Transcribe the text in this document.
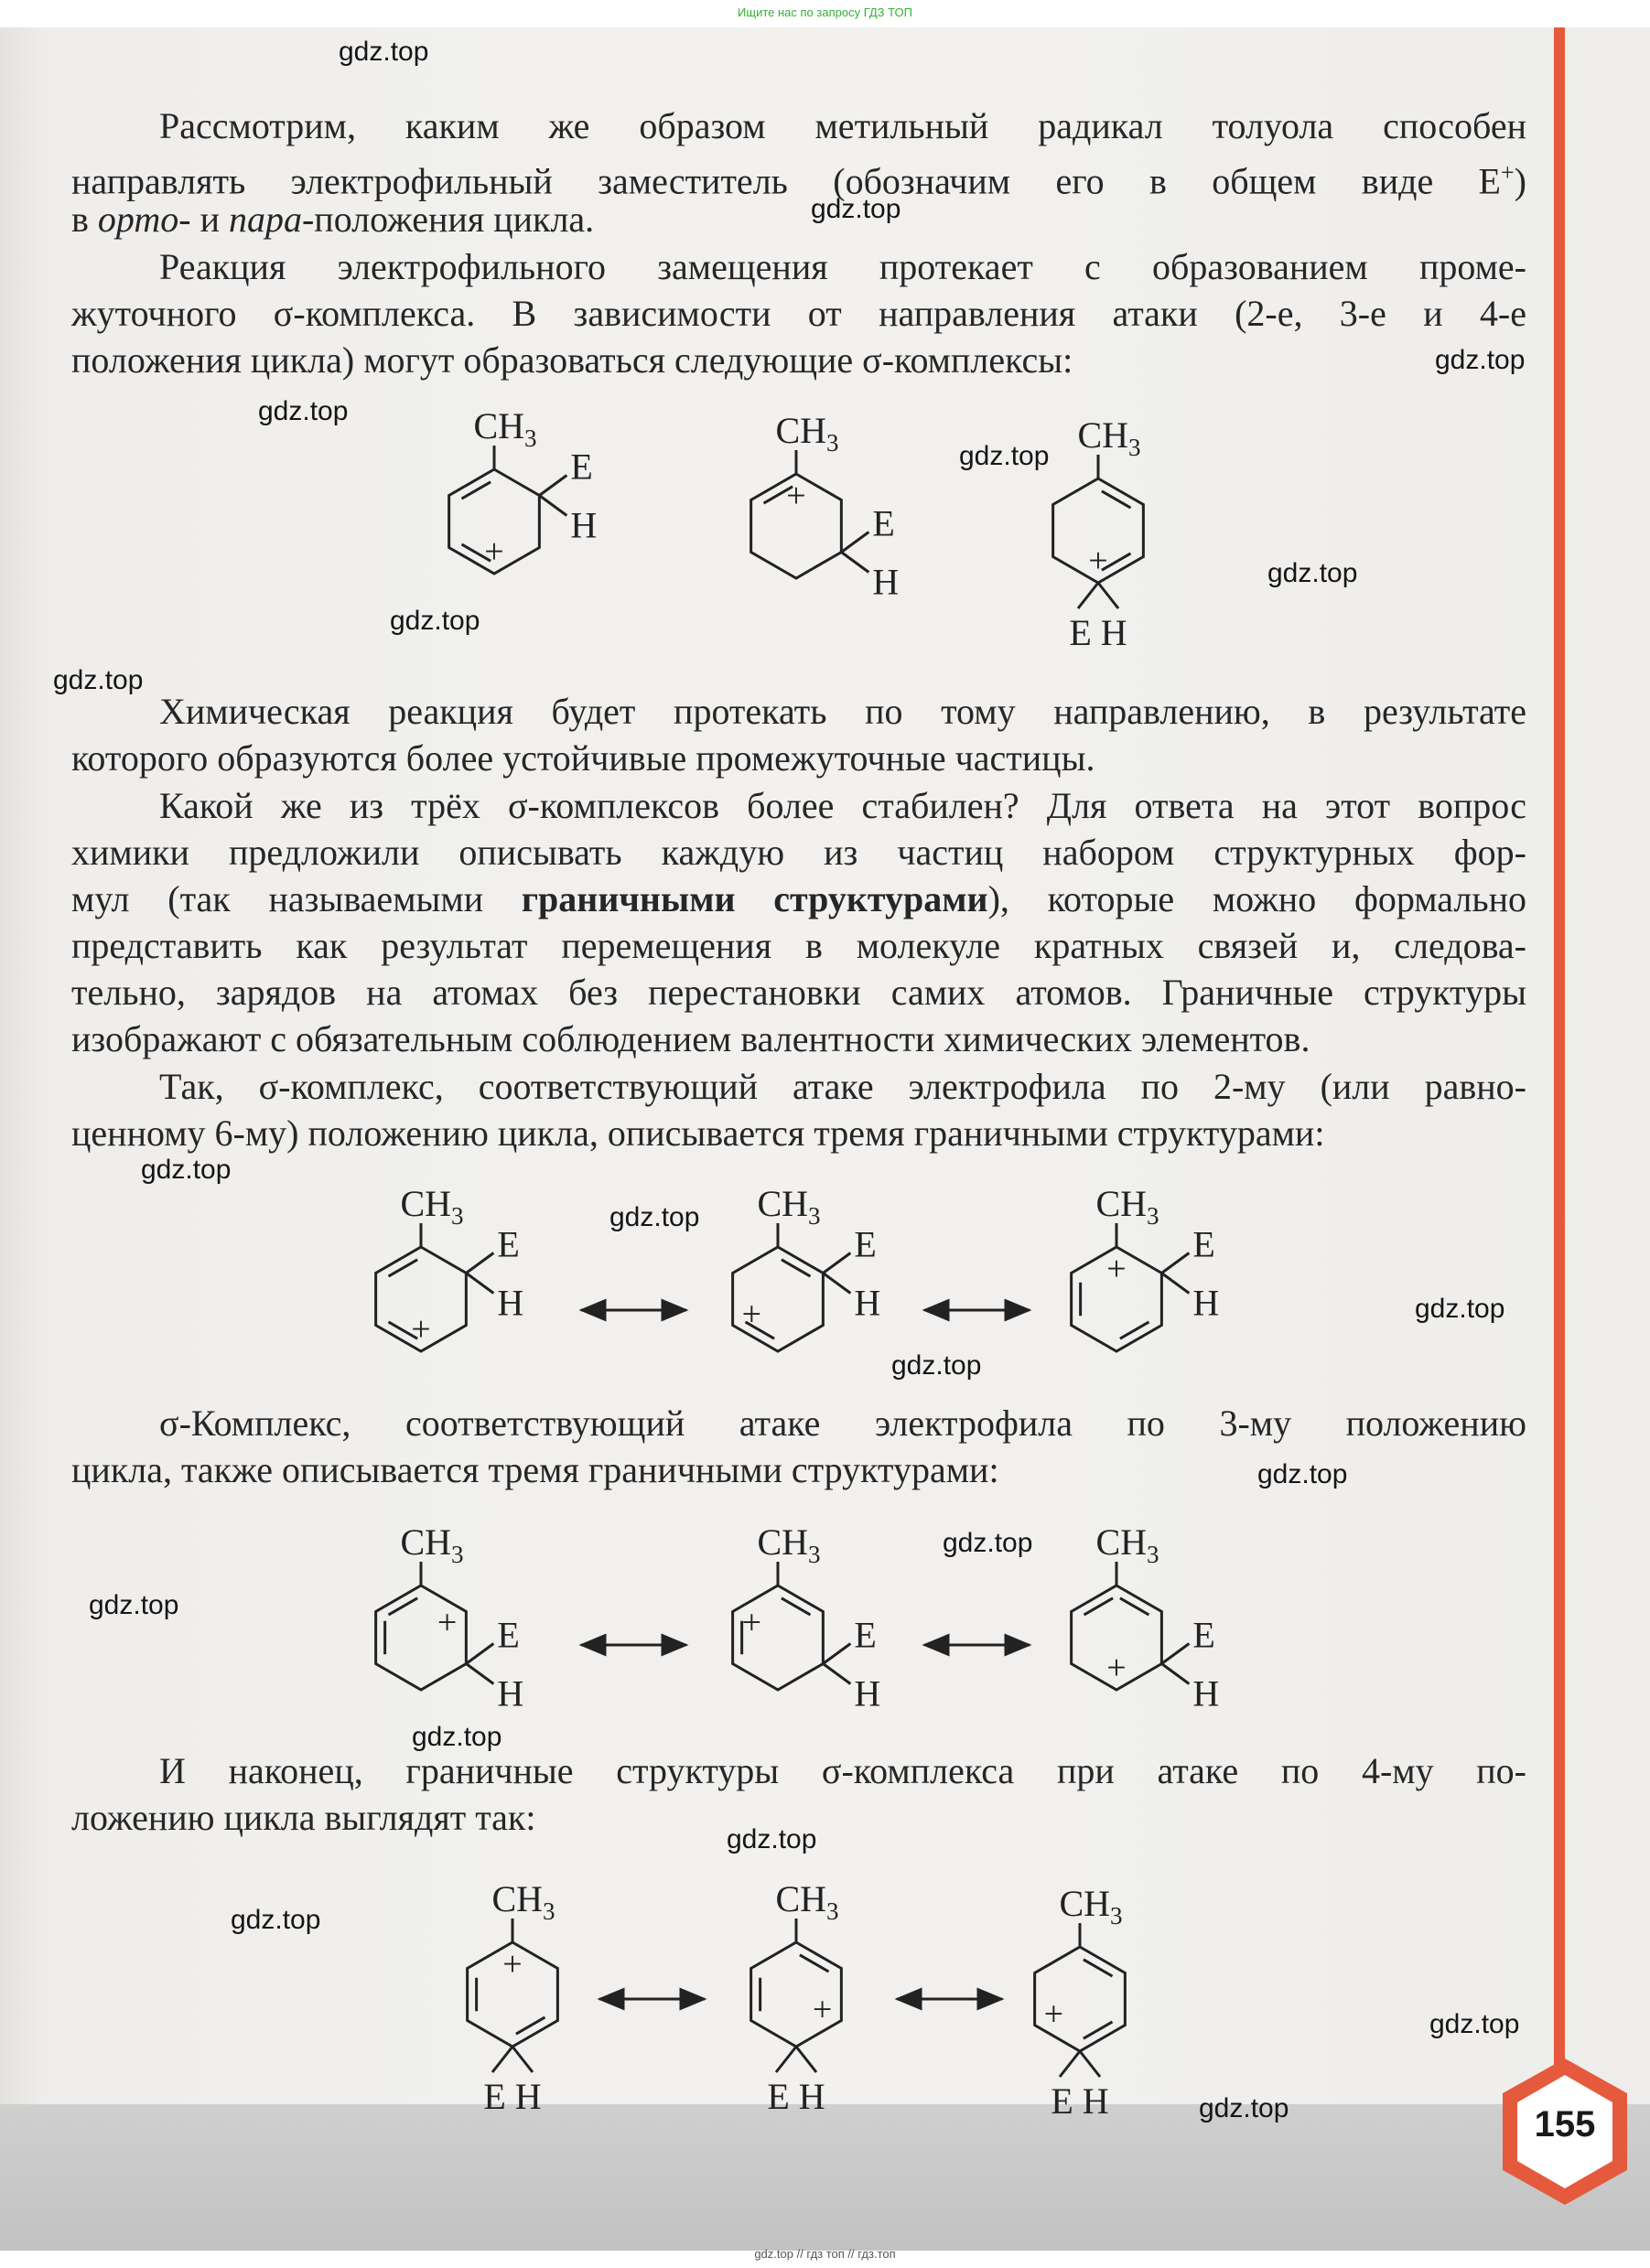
Ищите нас по запросу ГДЗ ТОП

Рассмотрим, каким же образом метильный радикал толуола способен

направлять электрофильный заместитель (обозначим его в общем виде E+)

в орто- и пара-положения цикла.

Реакция электрофильного замещения протекает с образованием проме-

жуточного σ-комплекса. В зависимости от направления атаки (2-е, 3-е и 4-е

положения цикла) могут образоваться следующие σ-комплексы:

Химическая реакция будет протекать по тому направлению, в результате

которого образуются более устойчивые промежуточные частицы.

Какой же из трёх σ-комплексов более стабилен? Для ответа на этот вопрос

химики предложили описывать каждую из частиц набором структурных фор-

мул (так называемыми граничными структурами), которые можно формально

представить как результат перемещения в молекуле кратных связей и, следова-

тельно, зарядов на атомах без перестановки самих атомов. Граничные структуры

изображают с обязательным соблюдением валентности химических элементов.

Так, σ-комплекс, соответствующий атаке электрофила по 2-му (или равно-

ценному 6-му) положению цикла, описывается тремя граничными структурами:

σ-Комплекс, соответствующий атаке электрофила по 3-му положению

цикла, также описывается тремя граничными структурами:

И наконец, граничные структуры σ-комплекса при атаке по 4-му по-

ложению цикла выглядят так:

$CH_3$
E
H
+
$CH_3$
E
H
+
$CH_3$
E H
+
$CH_3$
E
H
+
$CH_3$
E
H
+
$CH_3$
E
H
+
$CH_3$
E
H
+
$CH_3$
E
H
+
$CH_3$
E
H
+
$CH_3$
E H
+
$CH_3$
E H
+
$CH_3$
E H
+
155
gdz.top // гдз топ // гдз.топ
gdz.top
gdz.top
gdz.top
gdz.top
gdz.top
gdz.top
gdz.top
gdz.top
gdz.top
gdz.top
gdz.top
gdz.top
gdz.top
gdz.top
gdz.top
gdz.top
gdz.top
gdz.top
gdz.top
gdz.top
